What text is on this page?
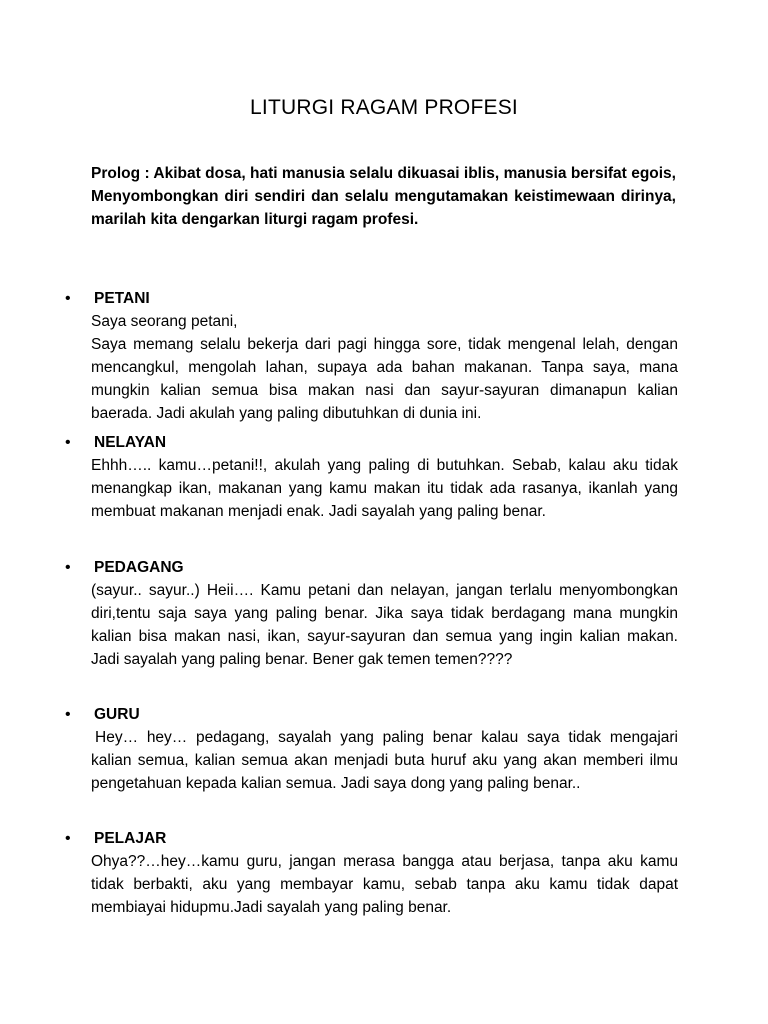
LITURGI RAGAM PROFESI
Prolog : Akibat dosa, hati manusia selalu dikuasai iblis, manusia bersifat egois, Menyombongkan diri sendiri dan selalu mengutamakan keistimewaan dirinya, marilah kita dengarkan liturgi ragam profesi.
• PETANI
Saya seorang petani,
Saya memang selalu bekerja dari pagi hingga sore, tidak mengenal lelah, dengan mencangkul, mengolah lahan, supaya ada bahan makanan. Tanpa saya, mana mungkin kalian semua bisa makan nasi dan sayur-sayuran dimanapun kalian baerada. Jadi akulah yang paling dibutuhkan di dunia ini.
• NELAYAN
Ehhh….. kamu…petani!!, akulah yang paling di butuhkan. Sebab, kalau aku tidak menangkap ikan, makanan yang kamu makan itu tidak ada rasanya, ikanlah yang membuat makanan menjadi enak. Jadi sayalah yang paling benar.
• PEDAGANG
(sayur.. sayur..) Heii…. Kamu petani dan nelayan, jangan terlalu menyombongkan diri,tentu saja saya yang paling benar. Jika saya tidak berdagang mana mungkin kalian bisa makan nasi, ikan, sayur-sayuran dan semua yang ingin kalian makan. Jadi sayalah yang paling benar. Bener gak temen temen????
• GURU
Hey… hey… pedagang, sayalah yang paling benar kalau saya tidak mengajari kalian semua, kalian semua akan menjadi buta huruf aku yang akan memberi ilmu pengetahuan kepada kalian semua. Jadi saya dong yang paling benar..
• PELAJAR
Ohya??…hey…kamu guru, jangan merasa bangga atau berjasa, tanpa aku kamu tidak berbakti, aku yang membayar kamu, sebab tanpa aku kamu tidak dapat membiayai hidupmu.Jadi sayalah yang paling benar.
